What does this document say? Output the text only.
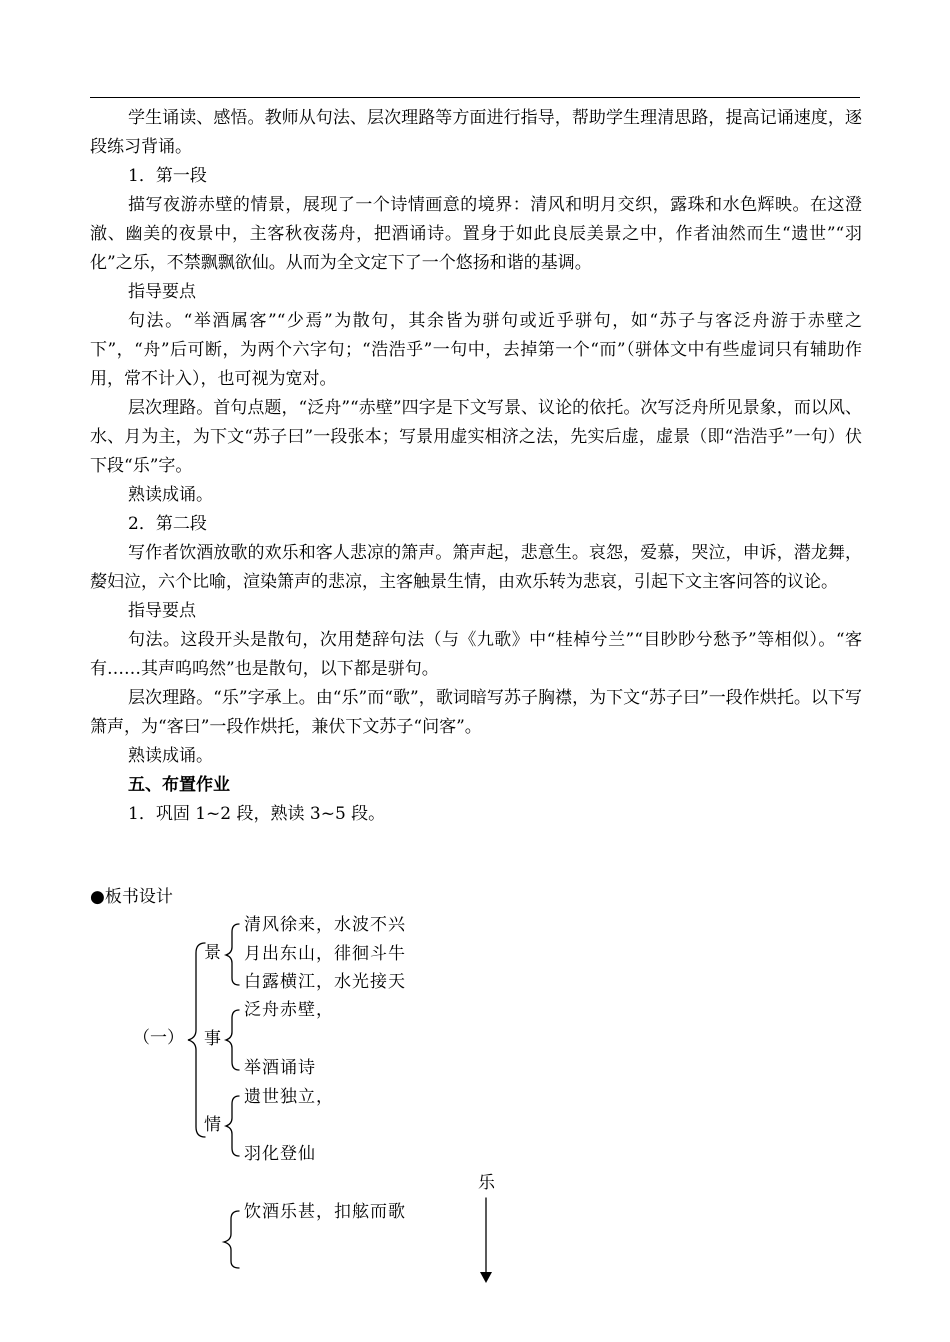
学生诵读、感悟。教师从句法、层次理路等方面进行指导，帮助学生理清思路，提高记诵速度，逐段练习背诵。

1．第一段

描写夜游赤壁的情景，展现了一个诗情画意的境界：清风和明月交织，露珠和水色辉映。在这澄澈、幽美的夜景中，主客秋夜荡舟，把酒诵诗。置身于如此良辰美景之中，作者油然而生“遗世”“羽化”之乐，不禁飘飘欲仙。从而为全文定下了一个悠扬和谐的基调。

指导要点

句法。“举酒属客”“少焉”为散句，其余皆为骈句或近乎骈句，如“苏子与客泛舟游于赤壁之下”，“舟”后可断，为两个六字句；“浩浩乎”一句中，去掉第一个“而”（骈体文中有些虚词只有辅助作用，常不计入），也可视为宽对。

层次理路。首句点题，“泛舟”“赤壁”四字是下文写景、议论的依托。次写泛舟所见景象，而以风、水、月为主，为下文“苏子曰”一段张本；写景用虚实相济之法，先实后虚，虚景（即“浩浩乎”一句）伏下段“乐”字。

熟读成诵。

2．第二段

写作者饮酒放歌的欢乐和客人悲凉的箫声。箫声起，悲意生。哀怨，爱慕，哭泣，申诉，潜龙舞，嫠妇泣，六个比喻，渲染箫声的悲凉，主客触景生情，由欢乐转为悲哀，引起下文主客问答的议论。

指导要点

句法。这段开头是散句，次用楚辞句法（与《九歌》中“桂棹兮兰”“目眇眇兮愁予”等相似）。“客有……其声呜呜然”也是散句，以下都是骈句。

层次理路。“乐”字承上。由“乐”而“歌”，歌词暗写苏子胸襟，为下文“苏子曰”一段作烘托。以下写箫声，为“客曰”一段作烘托，兼伏下文苏子“问客”。

熟读成诵。

五、布置作业

1．巩固 1~2 段，熟读 3~5 段。

●板书设计
（一）
景
事
情
清风徐来，水波不兴
月出东山，徘徊斗牛
白露横江，水光接天
泛舟赤壁，
举酒诵诗
遗世独立，
羽化登仙
饮酒乐甚，扣舷而歌
乐
